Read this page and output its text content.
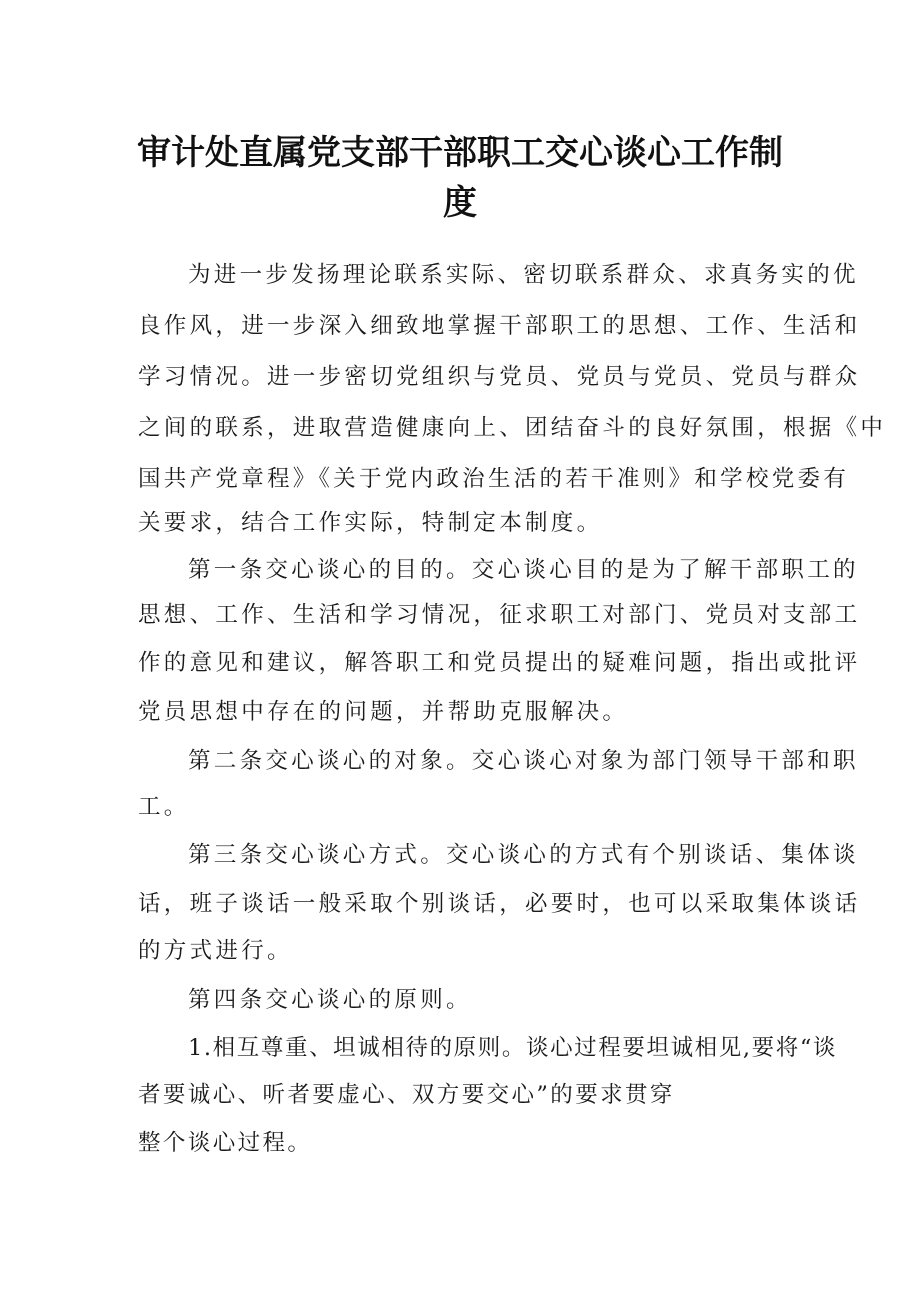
审计处直属党支部干部职工交心谈心工作制
度

为进一步发扬理论联系实际、密切联系群众、求真务实的优

良作风，进一步深入细致地掌握干部职工的思想、工作、生活和

学习情况。进一步密切党组织与党员、党员与党员、党员与群众

之间的联系，进取营造健康向上、团结奋斗的良好氛围，根据《中

国共产党章程》《关于党内政治生活的若干准则》和学校党委有

关要求，结合工作实际，特制定本制度。

第一条交心谈心的目的。交心谈心目的是为了解干部职工的

思想、工作、生活和学习情况，征求职工对部门、党员对支部工

作的意见和建议，解答职工和党员提出的疑难问题，指出或批评

党员思想中存在的问题，并帮助克服解决。

第二条交心谈心的对象。交心谈心对象为部门领导干部和职

工。

第三条交心谈心方式。交心谈心的方式有个别谈话、集体谈

话，班子谈话一般采取个别谈话，必要时，也可以采取集体谈话

的方式进行。

第四条交心谈心的原则。

1.相互尊重、坦诚相待的原则。谈心过程要坦诚相见,要将“谈

者要诚心、听者要虚心、双方要交心”的要求贯穿

整个谈心过程。
